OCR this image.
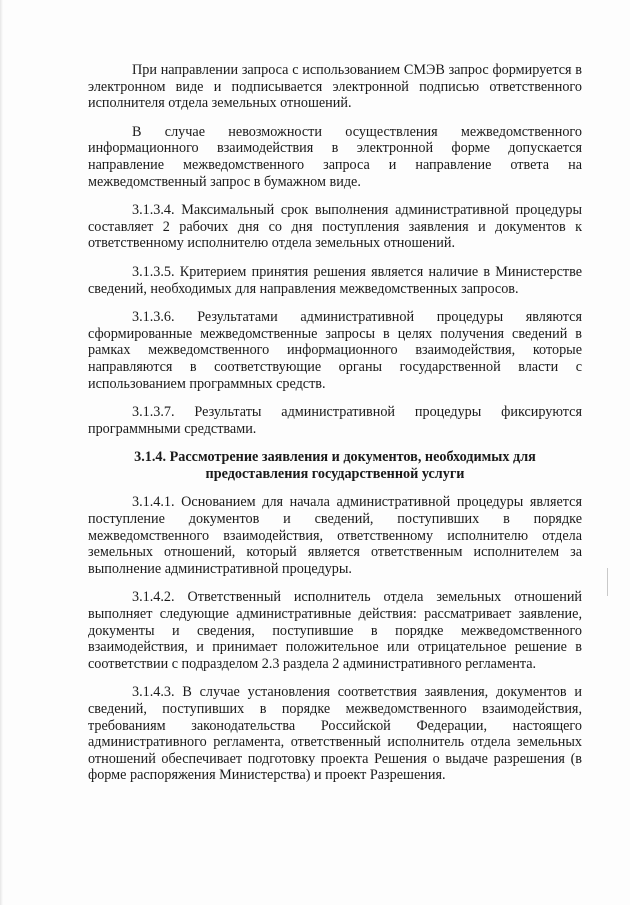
При направлении запроса с использованием СМЭВ запрос формируется в электронном виде и подписывается электронной подписью ответственного исполнителя отдела земельных отношений.

В случае невозможности осуществления межведомственного информационного взаимодействия в электронной форме допускается направление межведомственного запроса и направление ответа на межведомственный запрос в бумажном виде.

3.1.3.4. Максимальный срок выполнения административной процедуры составляет 2 рабочих дня со дня поступления заявления и документов к ответственному исполнителю отдела земельных отношений.

3.1.3.5. Критерием принятия решения является наличие в Министерстве сведений, необходимых для направления межведомственных запросов.

3.1.3.6. Результатами административной процедуры являются сформированные межведомственные запросы в целях получения сведений в рамках межведомственного информационного взаимодействия, которые направляются в соответствующие органы государственной власти с использованием программных средств.

3.1.3.7. Результаты административной процедуры фиксируются программными средствами.

3.1.4. Рассмотрение заявления и документов, необходимых для предоставления государственной услуги

3.1.4.1. Основанием для начала административной процедуры является поступление документов и сведений, поступивших в порядке межведомственного взаимодействия, ответственному исполнителю отдела земельных отношений, который является ответственным исполнителем за выполнение административной процедуры.

3.1.4.2. Ответственный исполнитель отдела земельных отношений выполняет следующие административные действия: рассматривает заявление, документы и сведения, поступившие в порядке межведомственного взаимодействия, и принимает положительное или отрицательное решение в соответствии с подразделом 2.3 раздела 2 административного регламента.

3.1.4.3. В случае установления соответствия заявления, документов и сведений, поступивших в порядке межведомственного взаимодействия, требованиям законодательства Российской Федерации, настоящего административного регламента, ответственный исполнитель отдела земельных отношений обеспечивает подготовку проекта Решения о выдаче разрешения (в форме распоряжения Министерства) и проект Разрешения.
